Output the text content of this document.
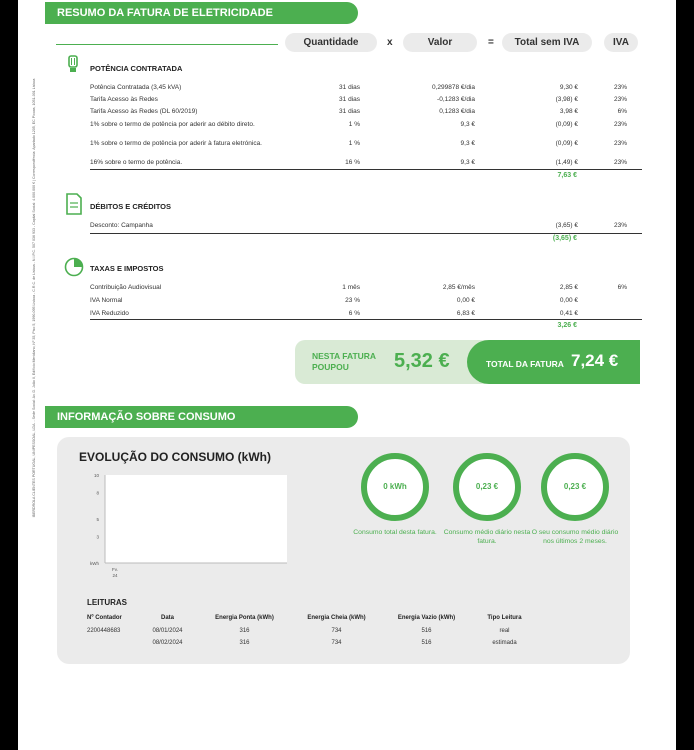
IBERDROLA CLIENTES PORTUGAL, UNIPESSOAL, LDA. - Sede Social: Av. D. João II, Edifício Meridiano, Nº 35, Piso 5, 1990-095 Lisboa - C.R.C. de Lisboa - N.I.P.C. 507 036 933 - Capital Social: 4.000.000 € | Correspondência: Apartado 1205, EC Picoas, 1051-001 Lisboa
RESUMO DA FATURA DE ELETRICIDADE
Quantidade	x	Valor	=	Total sem IVA	IVA
POTÊNCIA CONTRATADA
Potência Contratada (3,45 kVA)	31 dias	0,299878 €/dia	9,30 €	23%
Tarifa Acesso às Redes	31 dias	-0,1283 €/dia	(3,98) €	23%
Tarifa Acesso às Redes (DL 60/2019)	31 dias	0,1283 €/dia	3,98 €	6%
1% sobre o termo de potência por aderir ao débito direto.	1 %	9,3 €	(0,09) €	23%
1% sobre o termo de potência por aderir à fatura eletrónica.	1 %	9,3 €	(0,09) €	23%
16% sobre o termo de potência.	16 %	9,3 €	(1,49) €	23%
7,63 €
DÉBITOS E CRÉDITOS
Desconto: Campanha	(3,65) €	23%
(3,65) €
TAXAS E IMPOSTOS
Contribuição Audiovisual	1 mês	2,85 €/mês	2,85 €	6%
IVA Normal	23 %	0,00 €	0,00 €
IVA Reduzido	6 %	6,83 €	0,41 €
3,26 €
NESTA FATURA POUPOU	5,32 €	TOTAL DA FATURA 7,24 €
INFORMAÇÃO SOBRE CONSUMO
EVOLUÇÃO DO CONSUMO (kWh)
10
8
5
3
kWh
Fv.
24
0 kWh
Consumo total desta fatura.
0,23 €
Consumo médio diário nesta fatura.
0,23 €
O seu consumo médio diário nos últimos 2 meses.
LEITURAS
Nº Contador	Data	Energia Ponta (kWh)	Energia Cheia (kWh)	Energia Vazio (kWh)	Tipo Leitura
2200448683	08/01/2024	316	734	516	real
08/02/2024	316	734	516	estimada
